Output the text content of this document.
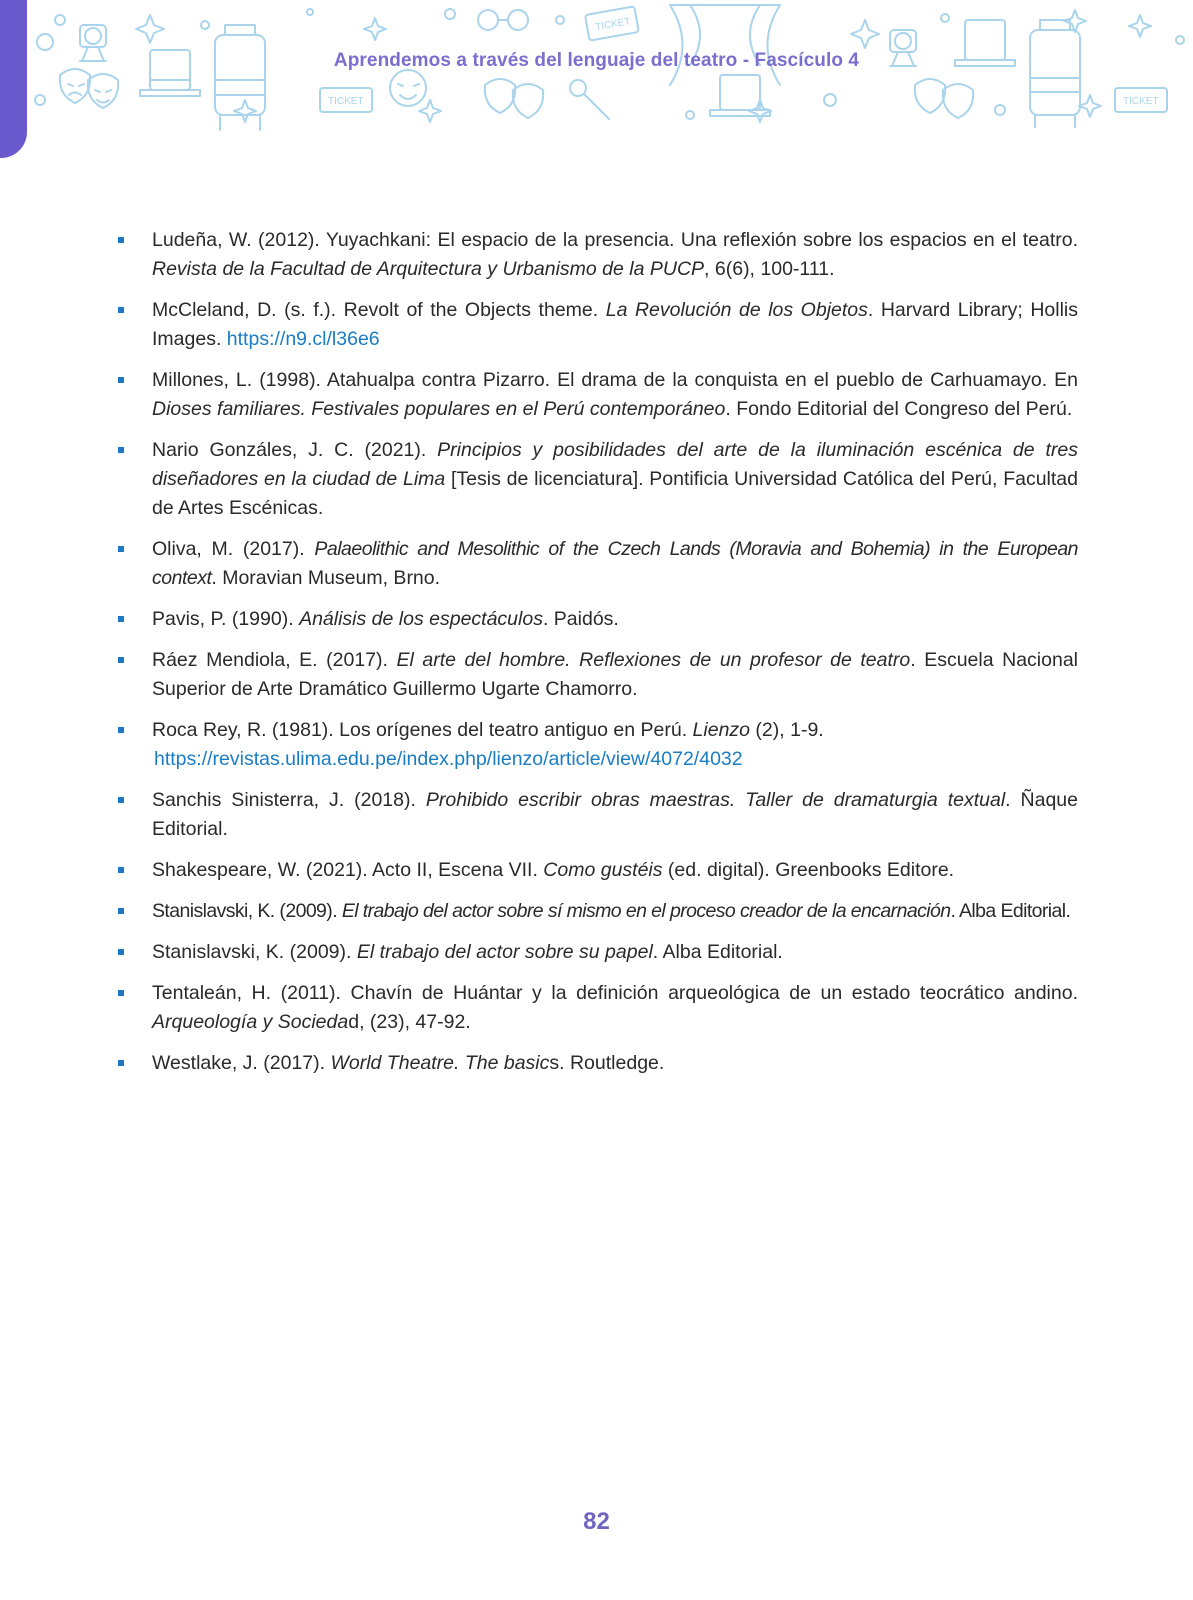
TICKET
TICKET	TICKET
Aprendemos a través del lenguaje del teatro - Fascículo 4
Ludeña, W. (2012). Yuyachkani: El espacio de la presencia. Una reflexión sobre los espacios en el teatro. Revista de la Facultad de Arquitectura y Urbanismo de la PUCP, 6(6), 100-111.
McCleland, D. (s. f.). Revolt of the Objects theme. La Revolución de los Objetos. Harvard Library; Hollis Images. https://n9.cl/l36e6
Millones, L. (1998). Atahualpa contra Pizarro. El drama de la conquista en el pueblo de Carhuamayo. En Dioses familiares. Festivales populares en el Perú contemporáneo. Fondo Editorial del Congreso del Perú.
Nario Gonzáles, J. C. (2021). Principios y posibilidades del arte de la iluminación escénica de tres diseñadores en la ciudad de Lima [Tesis de licenciatura]. Pontificia Universidad Católica del Perú, Facultad de Artes Escénicas.
Oliva, M. (2017). Palaeolithic and Mesolithic of the Czech Lands (Moravia and Bohemia) in the European context. Moravian Museum, Brno.
Pavis, P. (1990). Análisis de los espectáculos. Paidós.
Ráez Mendiola, E. (2017). El arte del hombre. Reflexiones de un profesor de teatro. Escuela Nacional Superior de Arte Dramático Guillermo Ugarte Chamorro.
Roca Rey, R. (1981). Los orígenes del teatro antiguo en Perú. Lienzo (2), 1-9.
https://revistas.ulima.edu.pe/index.php/lienzo/article/view/4072/4032
Sanchis Sinisterra, J. (2018). Prohibido escribir obras maestras. Taller de dramaturgia textual. Ñaque Editorial.
Shakespeare, W. (2021). Acto II, Escena VII. Como gustéis (ed. digital). Greenbooks Editore.
Stanislavski, K. (2009). El trabajo del actor sobre sí mismo en el proceso creador de la encarnación. Alba Editorial.
Stanislavski, K. (2009). El trabajo del actor sobre su papel. Alba Editorial.
Tentaleán, H. (2011). Chavín de Huántar y la definición arqueológica de un estado teocrático andino. Arqueología y Sociedad, (23), 47-92.
Westlake, J. (2017). World Theatre. The basics. Routledge.
82
